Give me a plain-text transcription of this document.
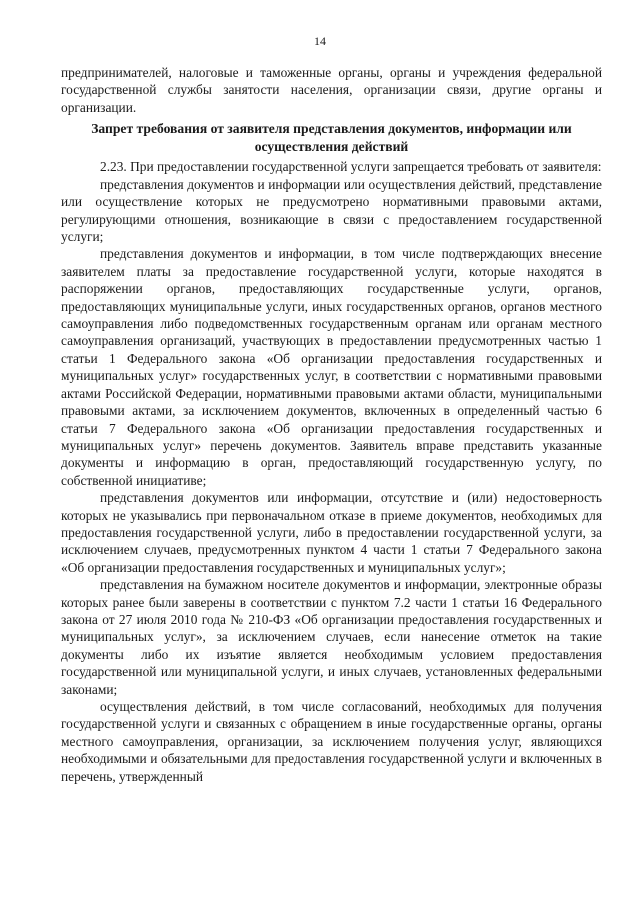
14

предпринимателей, налоговые и таможенные органы, органы и учреждения федеральной государственной службы занятости населения, организации связи, другие органы и организации.

Запрет требования от заявителя представления документов, информации или осуществления действий

2.23. При предоставлении государственной услуги запрещается требовать от заявителя:

представления документов и информации или осуществления действий, представление или осуществление которых не предусмотрено нормативными правовыми актами, регулирующими отношения, возникающие в связи с предоставлением государственной услуги;

представления документов и информации, в том числе подтверждающих внесение заявителем платы за предоставление государственной услуги, которые находятся в распоряжении органов, предоставляющих государственные услуги, органов, предоставляющих муниципальные услуги, иных государственных органов, органов местного самоуправления либо подведомственных государственным органам или органам местного самоуправления организаций, участвующих в предоставлении предусмотренных частью 1 статьи 1 Федерального закона «Об организации предоставления государственных и муниципальных услуг» государственных услуг, в соответствии с нормативными правовыми актами Российской Федерации, нормативными правовыми актами области, муниципальными правовыми актами, за исключением документов, включенных в определенный частью 6 статьи 7 Федерального закона «Об организации предоставления государственных и муниципальных услуг» перечень документов. Заявитель вправе представить указанные документы и информацию в орган, предоставляющий государственную услугу, по собственной инициативе;

представления документов или информации, отсутствие и (или) недостоверность которых не указывались при первоначальном отказе в приеме документов, необходимых для предоставления государственной услуги, либо в предоставлении государственной услуги, за исключением случаев, предусмотренных пунктом 4 части 1 статьи 7 Федерального закона «Об организации предоставления государственных и муниципальных услуг»;

представления на бумажном носителе документов и информации, электронные образы которых ранее были заверены в соответствии с пунктом 7.2 части 1 статьи 16 Федерального закона от 27 июля 2010 года № 210-ФЗ «Об организации предоставления государственных и муниципальных услуг», за исключением случаев, если нанесение отметок на такие документы либо их изъятие является необходимым условием предоставления государственной или муниципальной услуги, и иных случаев, установленных федеральными законами;

осуществления действий, в том числе согласований, необходимых для получения государственной услуги и связанных с обращением в иные государственные органы, органы местного самоуправления, организации, за исключением получения услуг, являющихся необходимыми и обязательными для предоставления государственной услуги и включенных в перечень, утвержденный
